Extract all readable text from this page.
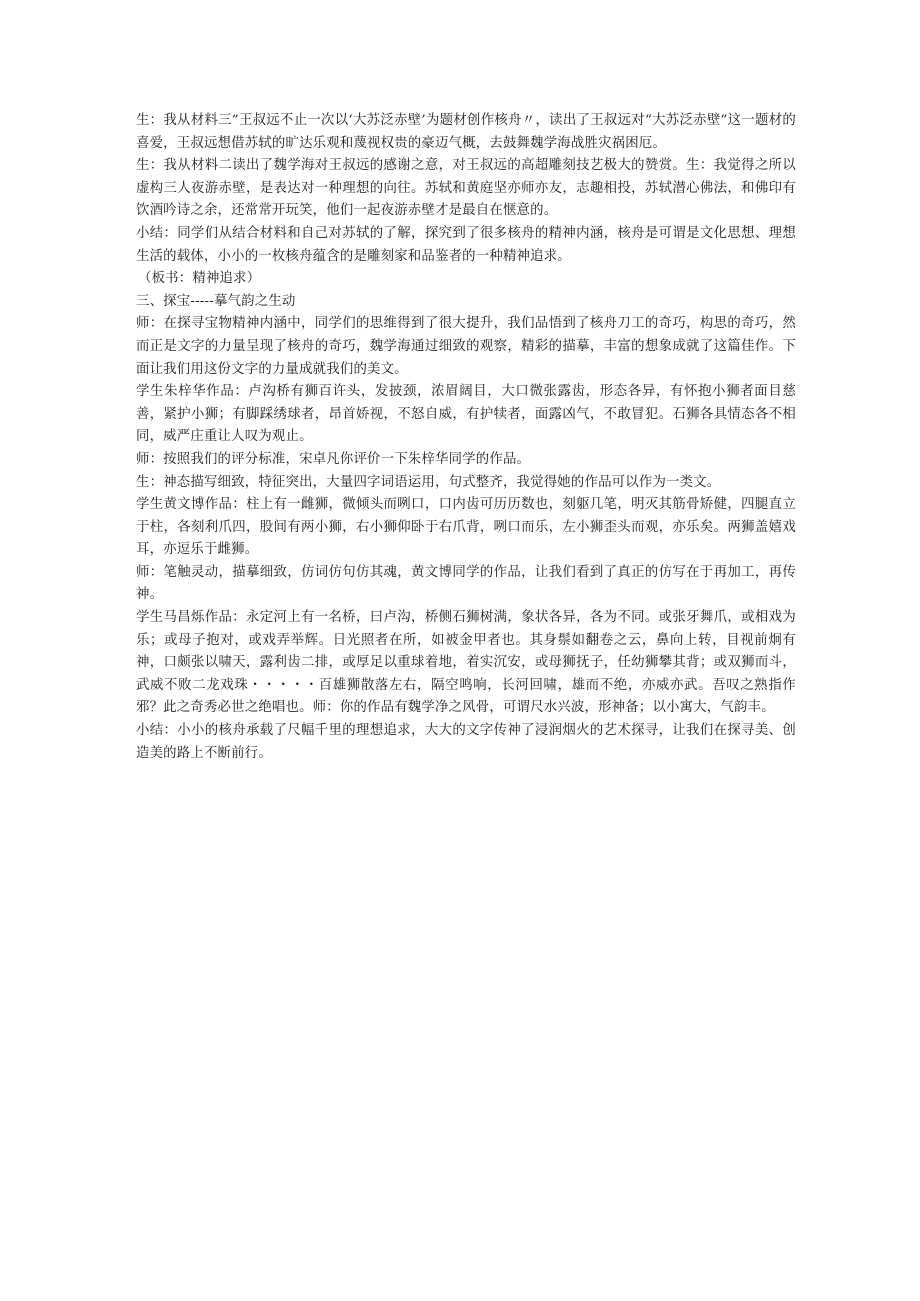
生：我从材料三”王叔远不止一次以‘大苏泛赤壁’为题材创作核舟〃，读出了王叔远对“大苏泛赤壁”这一题材的喜爱，王叔远想借苏轼的旷达乐观和蔑视权贵的豪迈气概，去鼓舞魏学海战胜灾祸困厄。

生：我从材料二读出了魏学海对王叔远的感谢之意，对王叔远的高超雕刻技艺极大的赞赏。生：我觉得之所以虚构三人夜游赤壁，是表达对一种理想的向往。苏轼和黄庭坚亦师亦友，志趣相投，苏轼潜心佛法，和佛印有饮酒吟诗之余，还常常开玩笑，他们一起夜游赤壁才是最自在惬意的。

小结：同学们从结合材料和自己对苏轼的了解，探究到了很多核舟的精神内涵，核舟是可谓是文化思想、理想生活的载体，小小的一枚核舟蕴含的是雕刻家和品鉴者的一种精神追求。

（板书：精神追求）

三、探宝-----摹气韵之生动

师：在探寻宝物精神内涵中，同学们的思维得到了很大提升，我们品悟到了核舟刀工的奇巧，构思的奇巧，然而正是文字的力量呈现了核舟的奇巧，魏学海通过细致的观察，精彩的描摹，丰富的想象成就了这篇佳作。下面让我们用这份文字的力量成就我们的美文。

学生朱梓华作品：卢沟桥有狮百许头，发披颈，浓眉阔目，大口微张露齿，形态各异，有怀抱小狮者面目慈善，紧护小狮；有脚踩绣球者，昂首娇视，不怒自威，有护犊者，面露凶气，不敢冒犯。石狮各具情态各不相同，威严庄重让人叹为观止。

师：按照我们的评分标准，宋卓凡你评价一下朱梓华同学的作品。

生：神态描写细致，特征突出，大量四字词语运用，句式整齐，我觉得她的作品可以作为一类文。

学生黄文博作品：柱上有一雌狮，微倾头而咧口，口内齿可历历数也，刻躯几笔，明灭其筋骨矫健，四腿直立于柱，各刻利爪四，股间有两小狮，右小狮仰卧于右爪背，咧口而乐，左小狮歪头而观，亦乐矣。两狮盖嬉戏耳，亦逗乐于雌狮。

师：笔触灵动，描摹细致，仿词仿句仿其魂，黄文博同学的作品，让我们看到了真正的仿写在于再加工，再传神。

学生马昌烁作品：永定河上有一名桥，曰卢沟，桥侧石狮树满，象状各异，各为不同。或张牙舞爪，或相戏为乐；或母子抱对，或戏弄举辉。日光照者在所，如被金甲者也。其身鬃如翻卷之云，鼻向上转，目视前炯有神，口颇张以啸天，露利齿二排，或厚足以重球着地，着实沉安，或母狮抚子，任幼狮攀其背；或双狮而斗，武威不败二龙戏珠・・・・・百雄狮散落左右，隔空鸣响，长河回啸，雄而不绝，亦威亦武。吾叹之熟指作邪？此之奇秀必世之绝唱也。师：你的作品有魏学净之风骨，可谓尺水兴波，形神备；以小寓大，气韵丰。

小结：小小的核舟承载了尺幅千里的理想追求，大大的文字传神了浸润烟火的艺术探寻，让我们在探寻美、创造美的路上不断前行。
